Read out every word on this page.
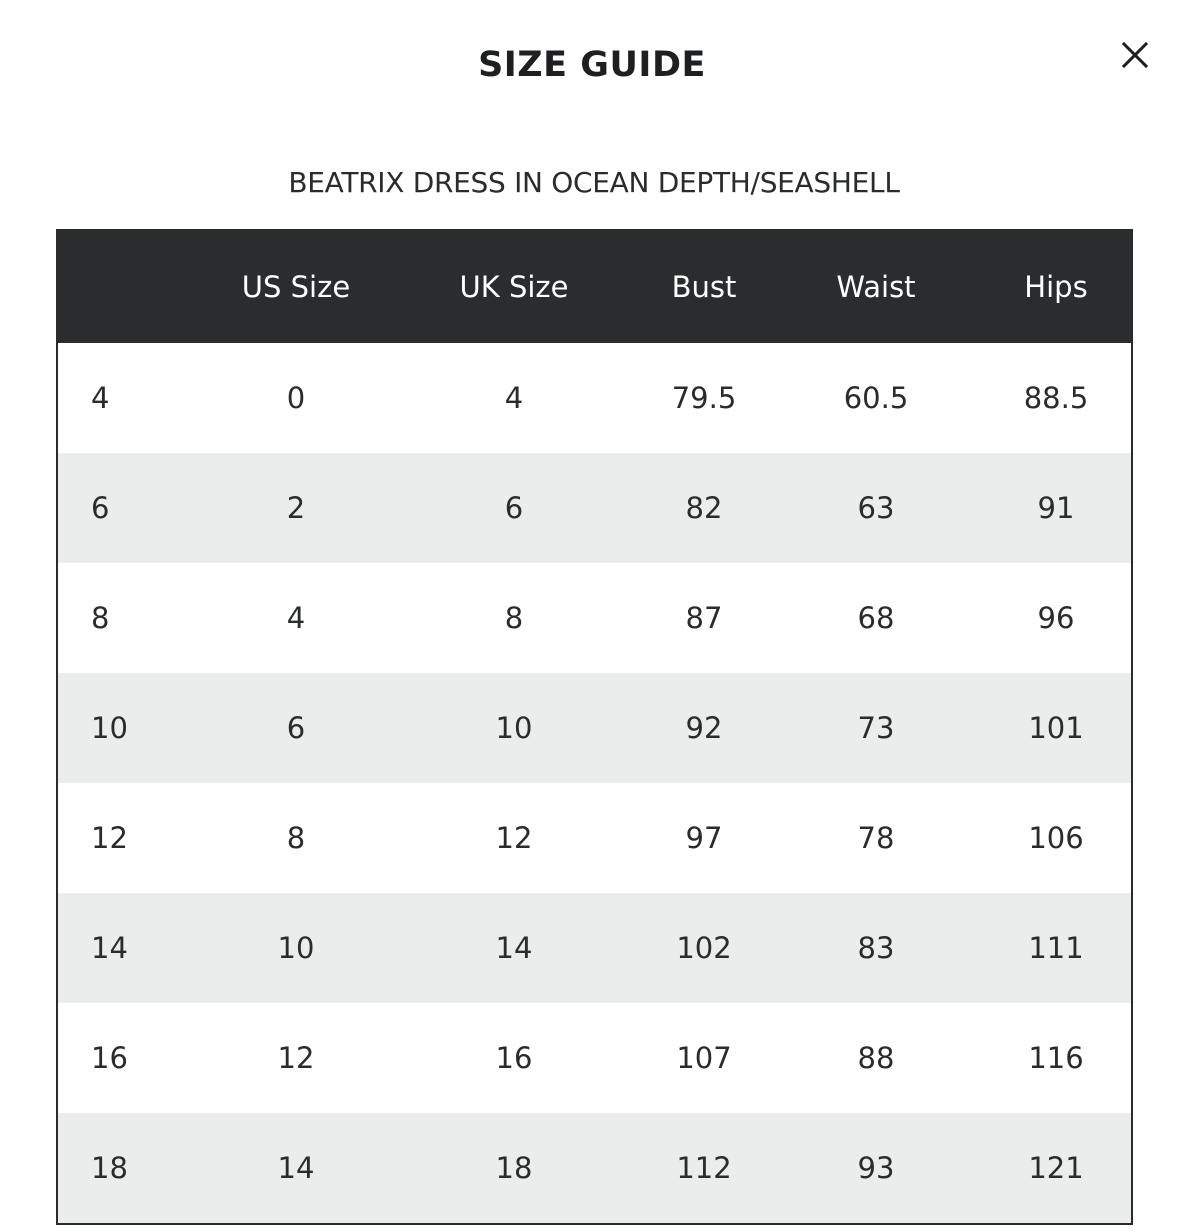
SIZE GUIDE
BEATRIX DRESS IN OCEAN DEPTH/SEASHELL
	US Size	UK Size	Bust	Waist	Hips
4	0	4	79.5	60.5	88.5
6	2	6	82	63	91
8	4	8	87	68	96
10	6	10	92	73	101
12	8	12	97	78	106
14	10	14	102	83	111
16	12	16	107	88	116
18	14	18	112	93	121
